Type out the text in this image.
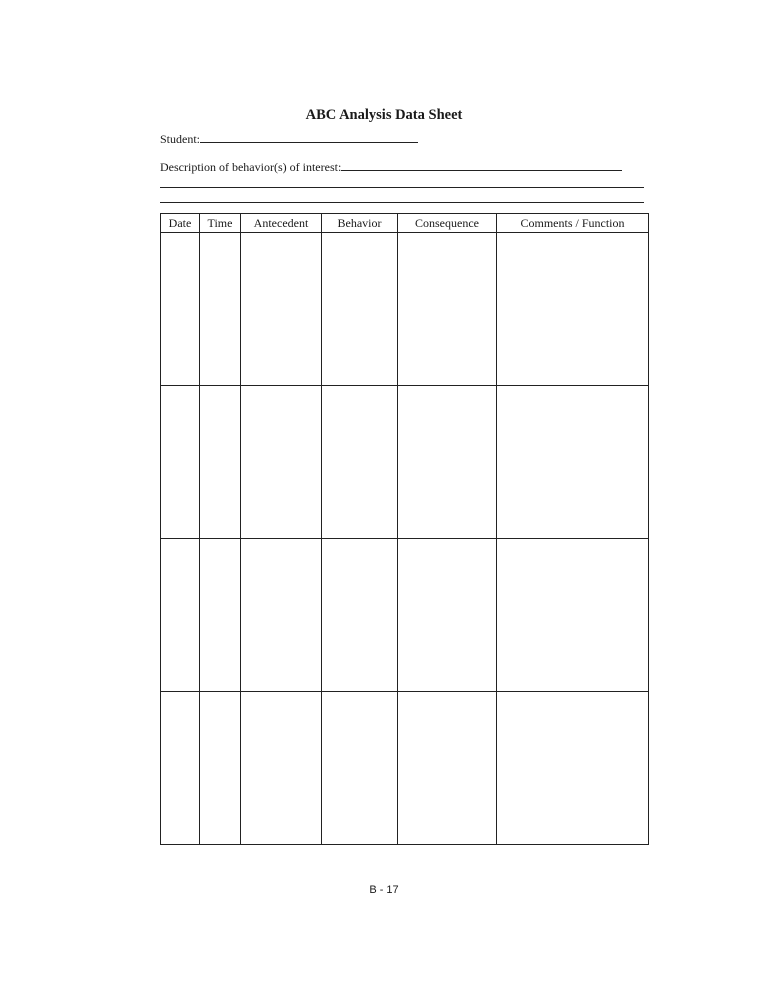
ABC Analysis Data Sheet
Student:
Description of behavior(s) of interest:
Date	Time	Antecedent	Behavior	Consequence	Comments / Function

B - 17
